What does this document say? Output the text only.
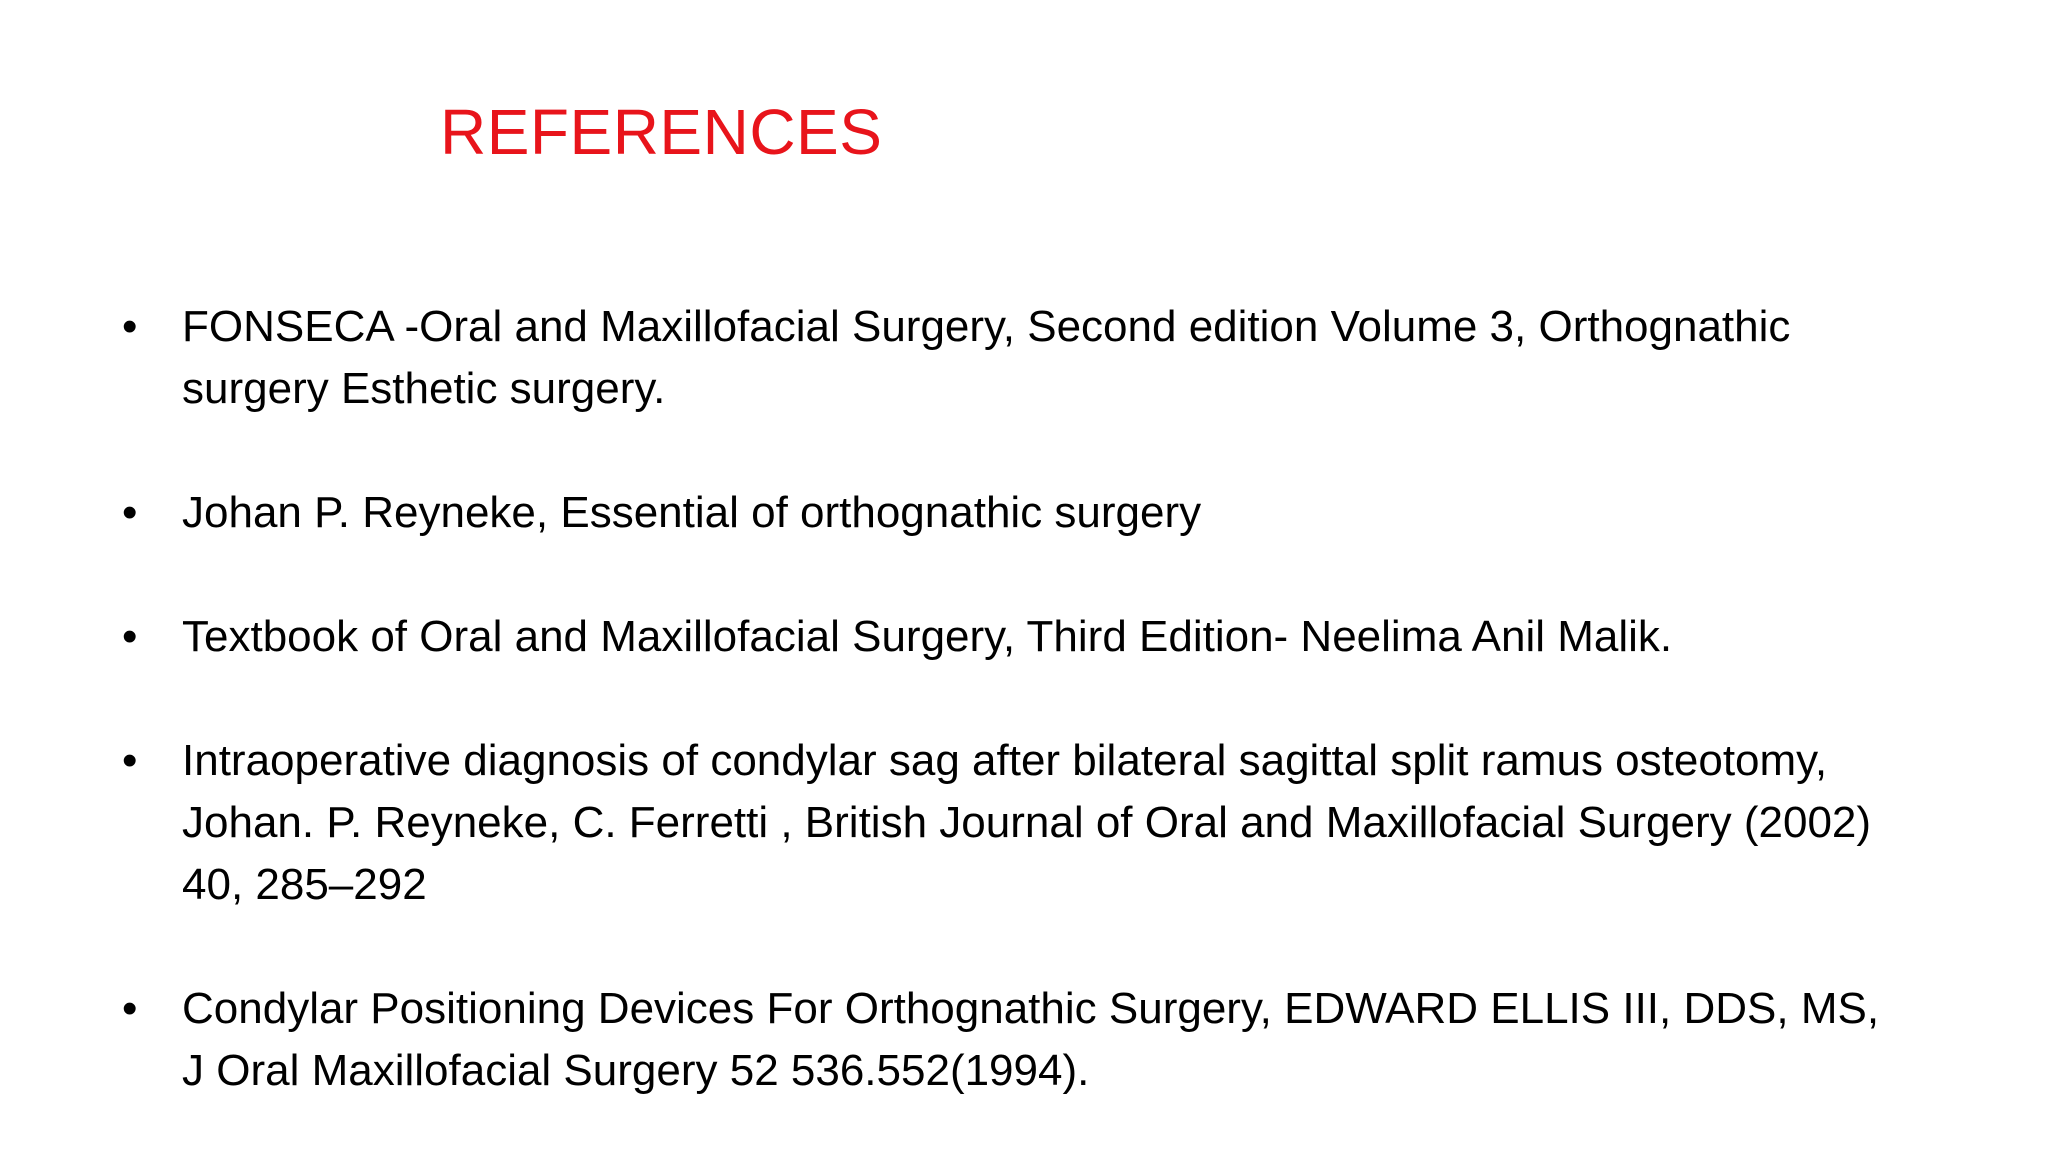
REFERENCES
• FONSECA -Oral and Maxillofacial Surgery, Second edition Volume 3, Orthognathic surgery Esthetic surgery.
• Johan P. Reyneke, Essential of orthognathic surgery
• Textbook of Oral and Maxillofacial Surgery, Third Edition- Neelima Anil Malik.
• Intraoperative diagnosis of condylar sag after bilateral sagittal split ramus osteotomy, Johan. P. Reyneke, C. Ferretti , British Journal of Oral and Maxillofacial Surgery (2002) 40, 285–292
• Condylar Positioning Devices For Orthognathic Surgery, EDWARD ELLIS III, DDS, MS, J Oral Maxillofacial Surgery 52 536.552(1994).
